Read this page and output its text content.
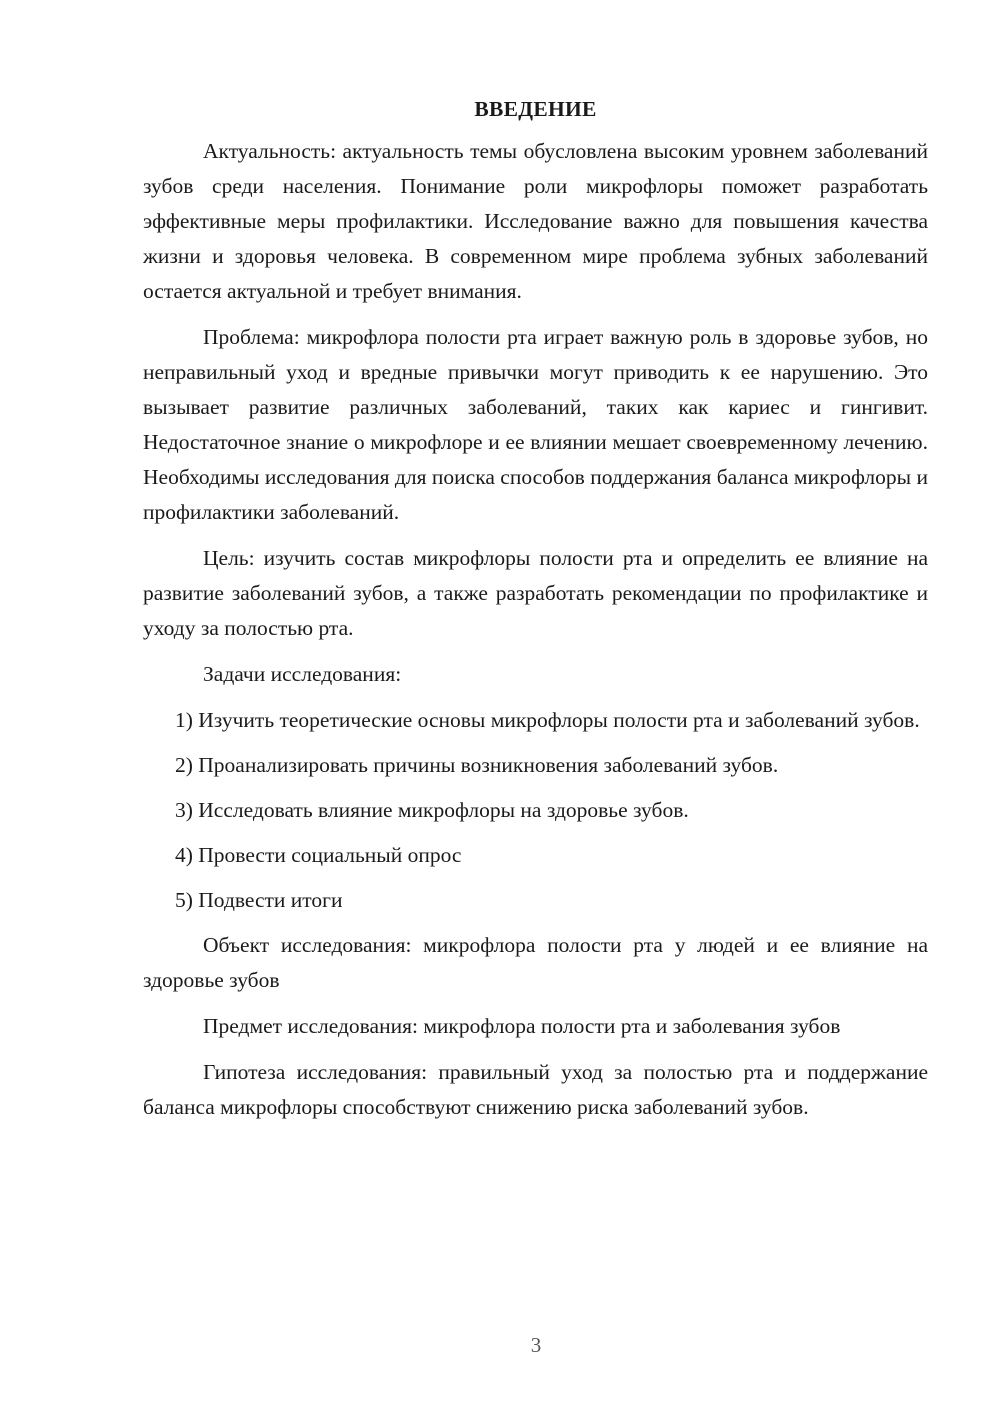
ВВЕДЕНИЕ

Актуальность: актуальность темы обусловлена высоким уровнем заболеваний зубов среди населения. Понимание роли микрофлоры поможет разработать эффективные меры профилактики. Исследование важно для повышения качества жизни и здоровья человека. В современном мире проблема зубных заболеваний остается актуальной и требует внимания.

Проблема: микрофлора полости рта играет важную роль в здоровье зубов, но неправильный уход и вредные привычки могут приводить к ее нарушению. Это вызывает развитие различных заболеваний, таких как кариес и гингивит. Недостаточное знание о микрофлоре и ее влиянии мешает своевременному лечению. Необходимы исследования для поиска способов поддержания баланса микрофлоры и профилактики заболеваний.

Цель: изучить состав микрофлоры полости рта и определить ее влияние на развитие заболеваний зубов, а также разработать рекомендации по профилактике и уходу за полостью рта.

Задачи исследования:

1) Изучить теоретические основы микрофлоры полости рта и заболеваний зубов.

2) Проанализировать причины возникновения заболеваний зубов.

3) Исследовать влияние микрофлоры на здоровье зубов.

4) Провести социальный опрос

5) Подвести итоги

Объект исследования: микрофлора полости рта у людей и ее влияние на здоровье зубов

Предмет исследования: микрофлора полости рта и заболевания зубов

Гипотеза исследования: правильный уход за полостью рта и поддержание баланса микрофлоры способствуют снижению риска заболеваний зубов.

3
